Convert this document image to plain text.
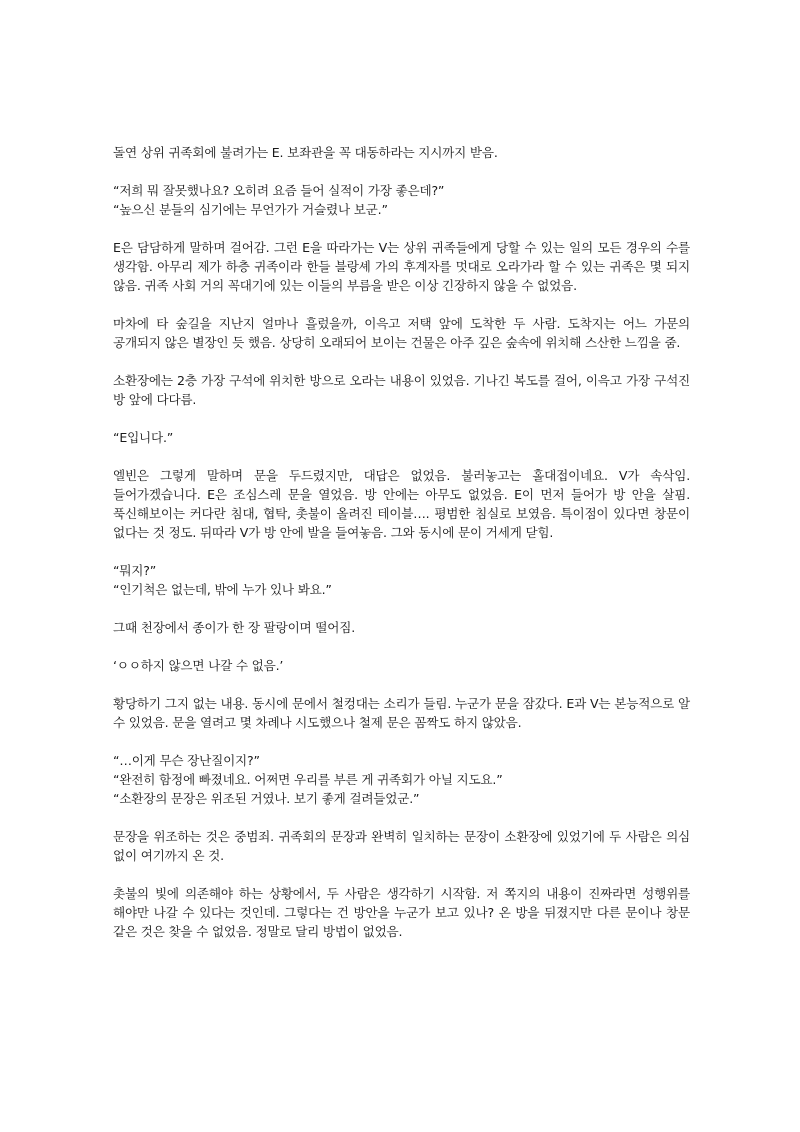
돌연 상위 귀족회에 불려가는 E. 보좌관을 꼭 대동하라는 지시까지 받음.

“저희 뭐 잘못했나요? 오히려 요즘 들어 실적이 가장 좋은데?”
“높으신 분들의 심기에는 무언가가 거슬렸나 보군.”

E은 담담하게 말하며 걸어감. 그런 E을 따라가는 V는 상위 귀족들에게 당할 수 있는 일의 모든 경우의 수를 생각함. 아무리 제가 하층 귀족이라 한들 블랑셰 가의 후계자를 멋대로 오라가라 할 수 있는 귀족은 몇 되지 않음. 귀족 사회 거의 꼭대기에 있는 이들의 부름을 받은 이상 긴장하지 않을 수 없었음.

마차에 타 숲길을 지난지 얼마나 흘렀을까, 이윽고 저택 앞에 도착한 두 사람. 도착지는 어느 가문의 공개되지 않은 별장인 듯 했음. 상당히 오래되어 보이는 건물은 아주 깊은 숲속에 위치해 스산한 느낌을 줌.

소환장에는 2층 가장 구석에 위치한 방으로 오라는 내용이 있었음. 기나긴 복도를 걸어, 이윽고 가장 구석진 방 앞에 다다름.

“E입니다.”

엘빈은 그렇게 말하며 문을 두드렸지만, 대답은 없었음. 불러놓고는 홀대접이네요. V가 속삭임. 들어가겠습니다. E은 조심스레 문을 열었음. 방 안에는 아무도 없었음. E이 먼저 들어가 방 안을 살핌. 푹신해보이는 커다란 침대, 협탁, 촛불이 올려진 테이블…. 평범한 침실로 보였음. 특이점이 있다면 창문이 없다는 것 정도. 뒤따라 V가 방 안에 발을 들여놓음. 그와 동시에 문이 거세게 닫힘.

“뭐지?”
“인기척은 없는데, 밖에 누가 있나 봐요.”

그때 천장에서 종이가 한 장 팔랑이며 떨어짐.

‘ㅇㅇ하지 않으면 나갈 수 없음.’

황당하기 그지 없는 내용. 동시에 문에서 철컹대는 소리가 들림. 누군가 문을 잠갔다. E과 V는 본능적으로 알 수 있었음. 문을 열려고 몇 차례나 시도했으나 철제 문은 꼼짝도 하지 않았음.

“…이게 무슨 장난질이지?”
“완전히 함정에 빠졌네요. 어쩌면 우리를 부른 게 귀족회가 아닐 지도요.”
“소환장의 문장은 위조된 거였나. 보기 좋게 걸려들었군.”

문장을 위조하는 것은 중범죄. 귀족회의 문장과 완벽히 일치하는 문장이 소환장에 있었기에 두 사람은 의심 없이 여기까지 온 것.

촛불의 빛에 의존해야 하는 상황에서, 두 사람은 생각하기 시작함. 저 쪽지의 내용이 진짜라면 성행위를 해야만 나갈 수 있다는 것인데. 그렇다는 건 방안을 누군가 보고 있나? 온 방을 뒤졌지만 다른 문이나 창문 같은 것은 찾을 수 없었음. 정말로 달리 방법이 없었음.
